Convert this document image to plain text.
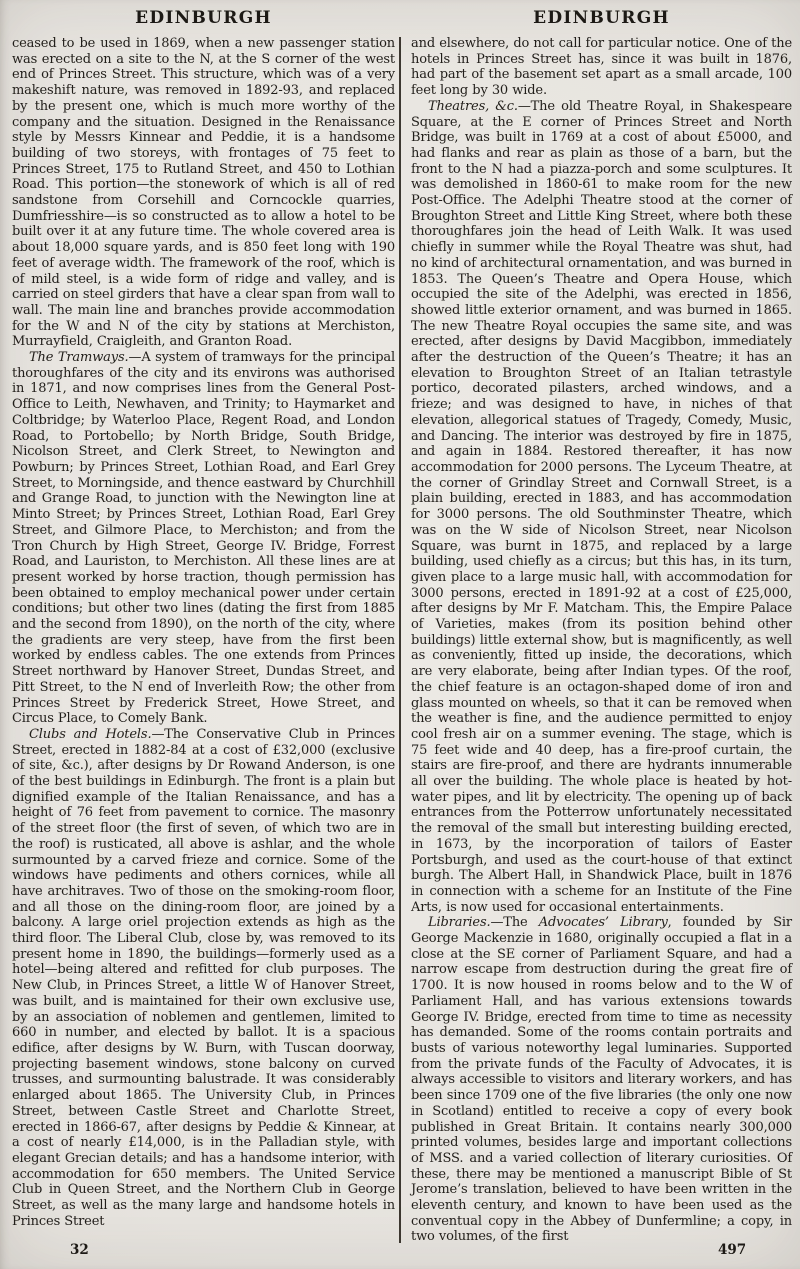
EDINBURGH

ceased to be used in 1869, when a new passenger station was erected on a site to the N, at the S corner of the west end of Princes Street. This structure, which was of a very makeshift nature, was removed in 1892-93, and replaced by the present one, which is much more worthy of the company and the situation. Designed in the Renaissance style by Messrs Kinnear and Peddie, it is a handsome building of two storeys, with frontages of 75 feet to Princes Street, 175 to Rutland Street, and 450 to Lothian Road. This portion—the stonework of which is all of red sandstone from Corsehill and Corncockle quarries, Dumfriesshire—is so constructed as to allow a hotel to be built over it at any future time. The whole covered area is about 18,000 square yards, and is 850 feet long with 190 feet of average width. The framework of the roof, which is of mild steel, is a wide form of ridge and valley, and is carried on steel girders that have a clear span from wall to wall. The main line and branches provide accommodation for the W and N of the city by stations at Merchiston, Murrayfield, Craigleith, and Granton Road.

The Tramways.—A system of tramways for the principal thoroughfares of the city and its environs was authorised in 1871, and now comprises lines from the General Post-Office to Leith, Newhaven, and Trinity; to Haymarket and Coltbridge; by Waterloo Place, Regent Road, and London Road, to Portobello; by North Bridge, South Bridge, Nicolson Street, and Clerk Street, to Newington and Powburn; by Princes Street, Lothian Road, and Earl Grey Street, to Morningside, and thence eastward by Churchhill and Grange Road, to junction with the Newington line at Minto Street; by Princes Street, Lothian Road, Earl Grey Street, and Gilmore Place, to Merchiston; and from the Tron Church by High Street, George IV. Bridge, Forrest Road, and Lauriston, to Merchiston. All these lines are at present worked by horse traction, though permission has been obtained to employ mechanical power under certain conditions; but other two lines (dating the first from 1885 and the second from 1890), on the north of the city, where the gradients are very steep, have from the first been worked by endless cables. The one extends from Princes Street northward by Hanover Street, Dundas Street, and Pitt Street, to the N end of Inverleith Row; the other from Princes Street by Frederick Street, Howe Street, and Circus Place, to Comely Bank.

Clubs and Hotels.—The Conservative Club in Princes Street, erected in 1882-84 at a cost of £32,000 (exclusive of site, &c.), after designs by Dr Rowand Anderson, is one of the best buildings in Edinburgh. The front is a plain but dignified example of the Italian Renaissance, and has a height of 76 feet from pavement to cornice. The masonry of the street floor (the first of seven, of which two are in the roof) is rusticated, all above is ashlar, and the whole surmounted by a carved frieze and cornice. Some of the windows have pediments and others cornices, while all have architraves. Two of those on the smoking-room floor, and all those on the dining-room floor, are joined by a balcony. A large oriel projection extends as high as the third floor. The Liberal Club, close by, was removed to its present home in 1890, the buildings—formerly used as a hotel—being altered and refitted for club purposes. The New Club, in Princes Street, a little W of Hanover Street, was built, and is maintained for their own exclusive use, by an association of noblemen and gentlemen, limited to 660 in number, and elected by ballot. It is a spacious edifice, after designs by W. Burn, with Tuscan doorway, projecting basement windows, stone balcony on curved trusses, and surmounting balustrade. It was considerably enlarged about 1865. The University Club, in Princes Street, between Castle Street and Charlotte Street, erected in 1866-67, after designs by Peddie & Kinnear, at a cost of nearly £14,000, is in the Palladian style, with elegant Grecian details; and has a handsome interior, with accommodation for 650 members. The United Service Club in Queen Street, and the Northern Club in George Street, as well as the many large and handsome hotels in Princes Street

EDINBURGH

and elsewhere, do not call for particular notice. One of the hotels in Princes Street has, since it was built in 1876, had part of the basement set apart as a small arcade, 100 feet long by 30 wide.

Theatres, &c.—The old Theatre Royal, in Shakespeare Square, at the E corner of Princes Street and North Bridge, was built in 1769 at a cost of about £5000, and had flanks and rear as plain as those of a barn, but the front to the N had a piazza-porch and some sculptures. It was demolished in 1860-61 to make room for the new Post-Office. The Adelphi Theatre stood at the corner of Broughton Street and Little King Street, where both these thoroughfares join the head of Leith Walk. It was used chiefly in summer while the Royal Theatre was shut, had no kind of architectural ornamentation, and was burned in 1853. The Queen’s Theatre and Opera House, which occupied the site of the Adelphi, was erected in 1856, showed little exterior ornament, and was burned in 1865. The new Theatre Royal occupies the same site, and was erected, after designs by David Macgibbon, immediately after the destruction of the Queen’s Theatre; it has an elevation to Broughton Street of an Italian tetrastyle portico, decorated pilasters, arched windows, and a frieze; and was designed to have, in niches of that elevation, allegorical statues of Tragedy, Comedy, Music, and Dancing. The interior was destroyed by fire in 1875, and again in 1884. Restored thereafter, it has now accommodation for 2000 persons. The Lyceum Theatre, at the corner of Grindlay Street and Cornwall Street, is a plain building, erected in 1883, and has accommodation for 3000 persons. The old Southminster Theatre, which was on the W side of Nicolson Street, near Nicolson Square, was burnt in 1875, and replaced by a large building, used chiefly as a circus; but this has, in its turn, given place to a large music hall, with accommodation for 3000 persons, erected in 1891-92 at a cost of £25,000, after designs by Mr F. Matcham. This, the Empire Palace of Varieties, makes (from its position behind other buildings) little external show, but is magnificently, as well as conveniently, fitted up inside, the decorations, which are very elaborate, being after Indian types. Of the roof, the chief feature is an octagon-shaped dome of iron and glass mounted on wheels, so that it can be removed when the weather is fine, and the audience permitted to enjoy cool fresh air on a summer evening. The stage, which is 75 feet wide and 40 deep, has a fire-proof curtain, the stairs are fire-proof, and there are hydrants innumerable all over the building. The whole place is heated by hot-water pipes, and lit by electricity. The opening up of back entrances from the Potterrow unfortunately necessitated the removal of the small but interesting building erected, in 1673, by the incorporation of tailors of Easter Portsburgh, and used as the court-house of that extinct burgh. The Albert Hall, in Shandwick Place, built in 1876 in connection with a scheme for an Institute of the Fine Arts, is now used for occasional entertainments.

Libraries.—The Advocates’ Library, founded by Sir George Mackenzie in 1680, originally occupied a flat in a close at the SE corner of Parliament Square, and had a narrow escape from destruction during the great fire of 1700. It is now housed in rooms below and to the W of Parliament Hall, and has various extensions towards George IV. Bridge, erected from time to time as necessity has demanded. Some of the rooms contain portraits and busts of various noteworthy legal luminaries. Supported from the private funds of the Faculty of Advocates, it is always accessible to visitors and literary workers, and has been since 1709 one of the five libraries (the only one now in Scotland) entitled to receive a copy of every book published in Great Britain. It contains nearly 300,000 printed volumes, besides large and important collections of MSS. and a varied collection of literary curiosities. Of these, there may be mentioned a manuscript Bible of St Jerome’s translation, believed to have been written in the eleventh century, and known to have been used as the conventual copy in the Abbey of Dunfermline; a copy, in two volumes, of the first

32	497
